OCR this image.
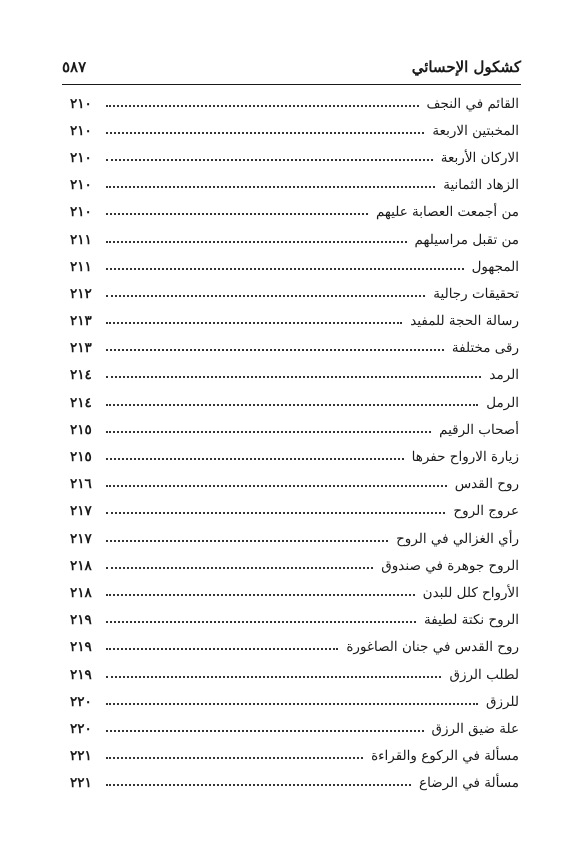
كشكول الإحسائي
٥٨٧
القائم في النجف
٢١٠
المخبتين الاربعة
٢١٠
الاركان الأربعة
٢١٠
الزهاد الثمانية
٢١٠
من أجمعت العصابة عليهم
٢١٠
من تقبل مراسيلهم
٢١١
المجهول
٢١١
تحقيقات رجالية
٢١٢
رسالة الحجة للمفيد
٢١٣
رقى مختلفة
٢١٣
الرمد
٢١٤
الرمل
٢١٤
أصحاب الرقيم
٢١٥
زيارة الارواح حفرها
٢١٥
روح القدس
٢١٦
عروج الروح
٢١٧
رأي الغزالي في الروح
٢١٧
الروح جوهرة في صندوق
٢١٨
الأرواح كلل للبدن
٢١٨
الروح نكتة لطيفة
٢١٩
روح القدس في جنان الصاغورة
٢١٩
لطلب الرزق
٢١٩
للرزق
٢٢٠
علة ضيق الرزق
٢٢٠
مسألة في الركوع والقراءة
٢٢١
مسألة في الرضاع
٢٢١
